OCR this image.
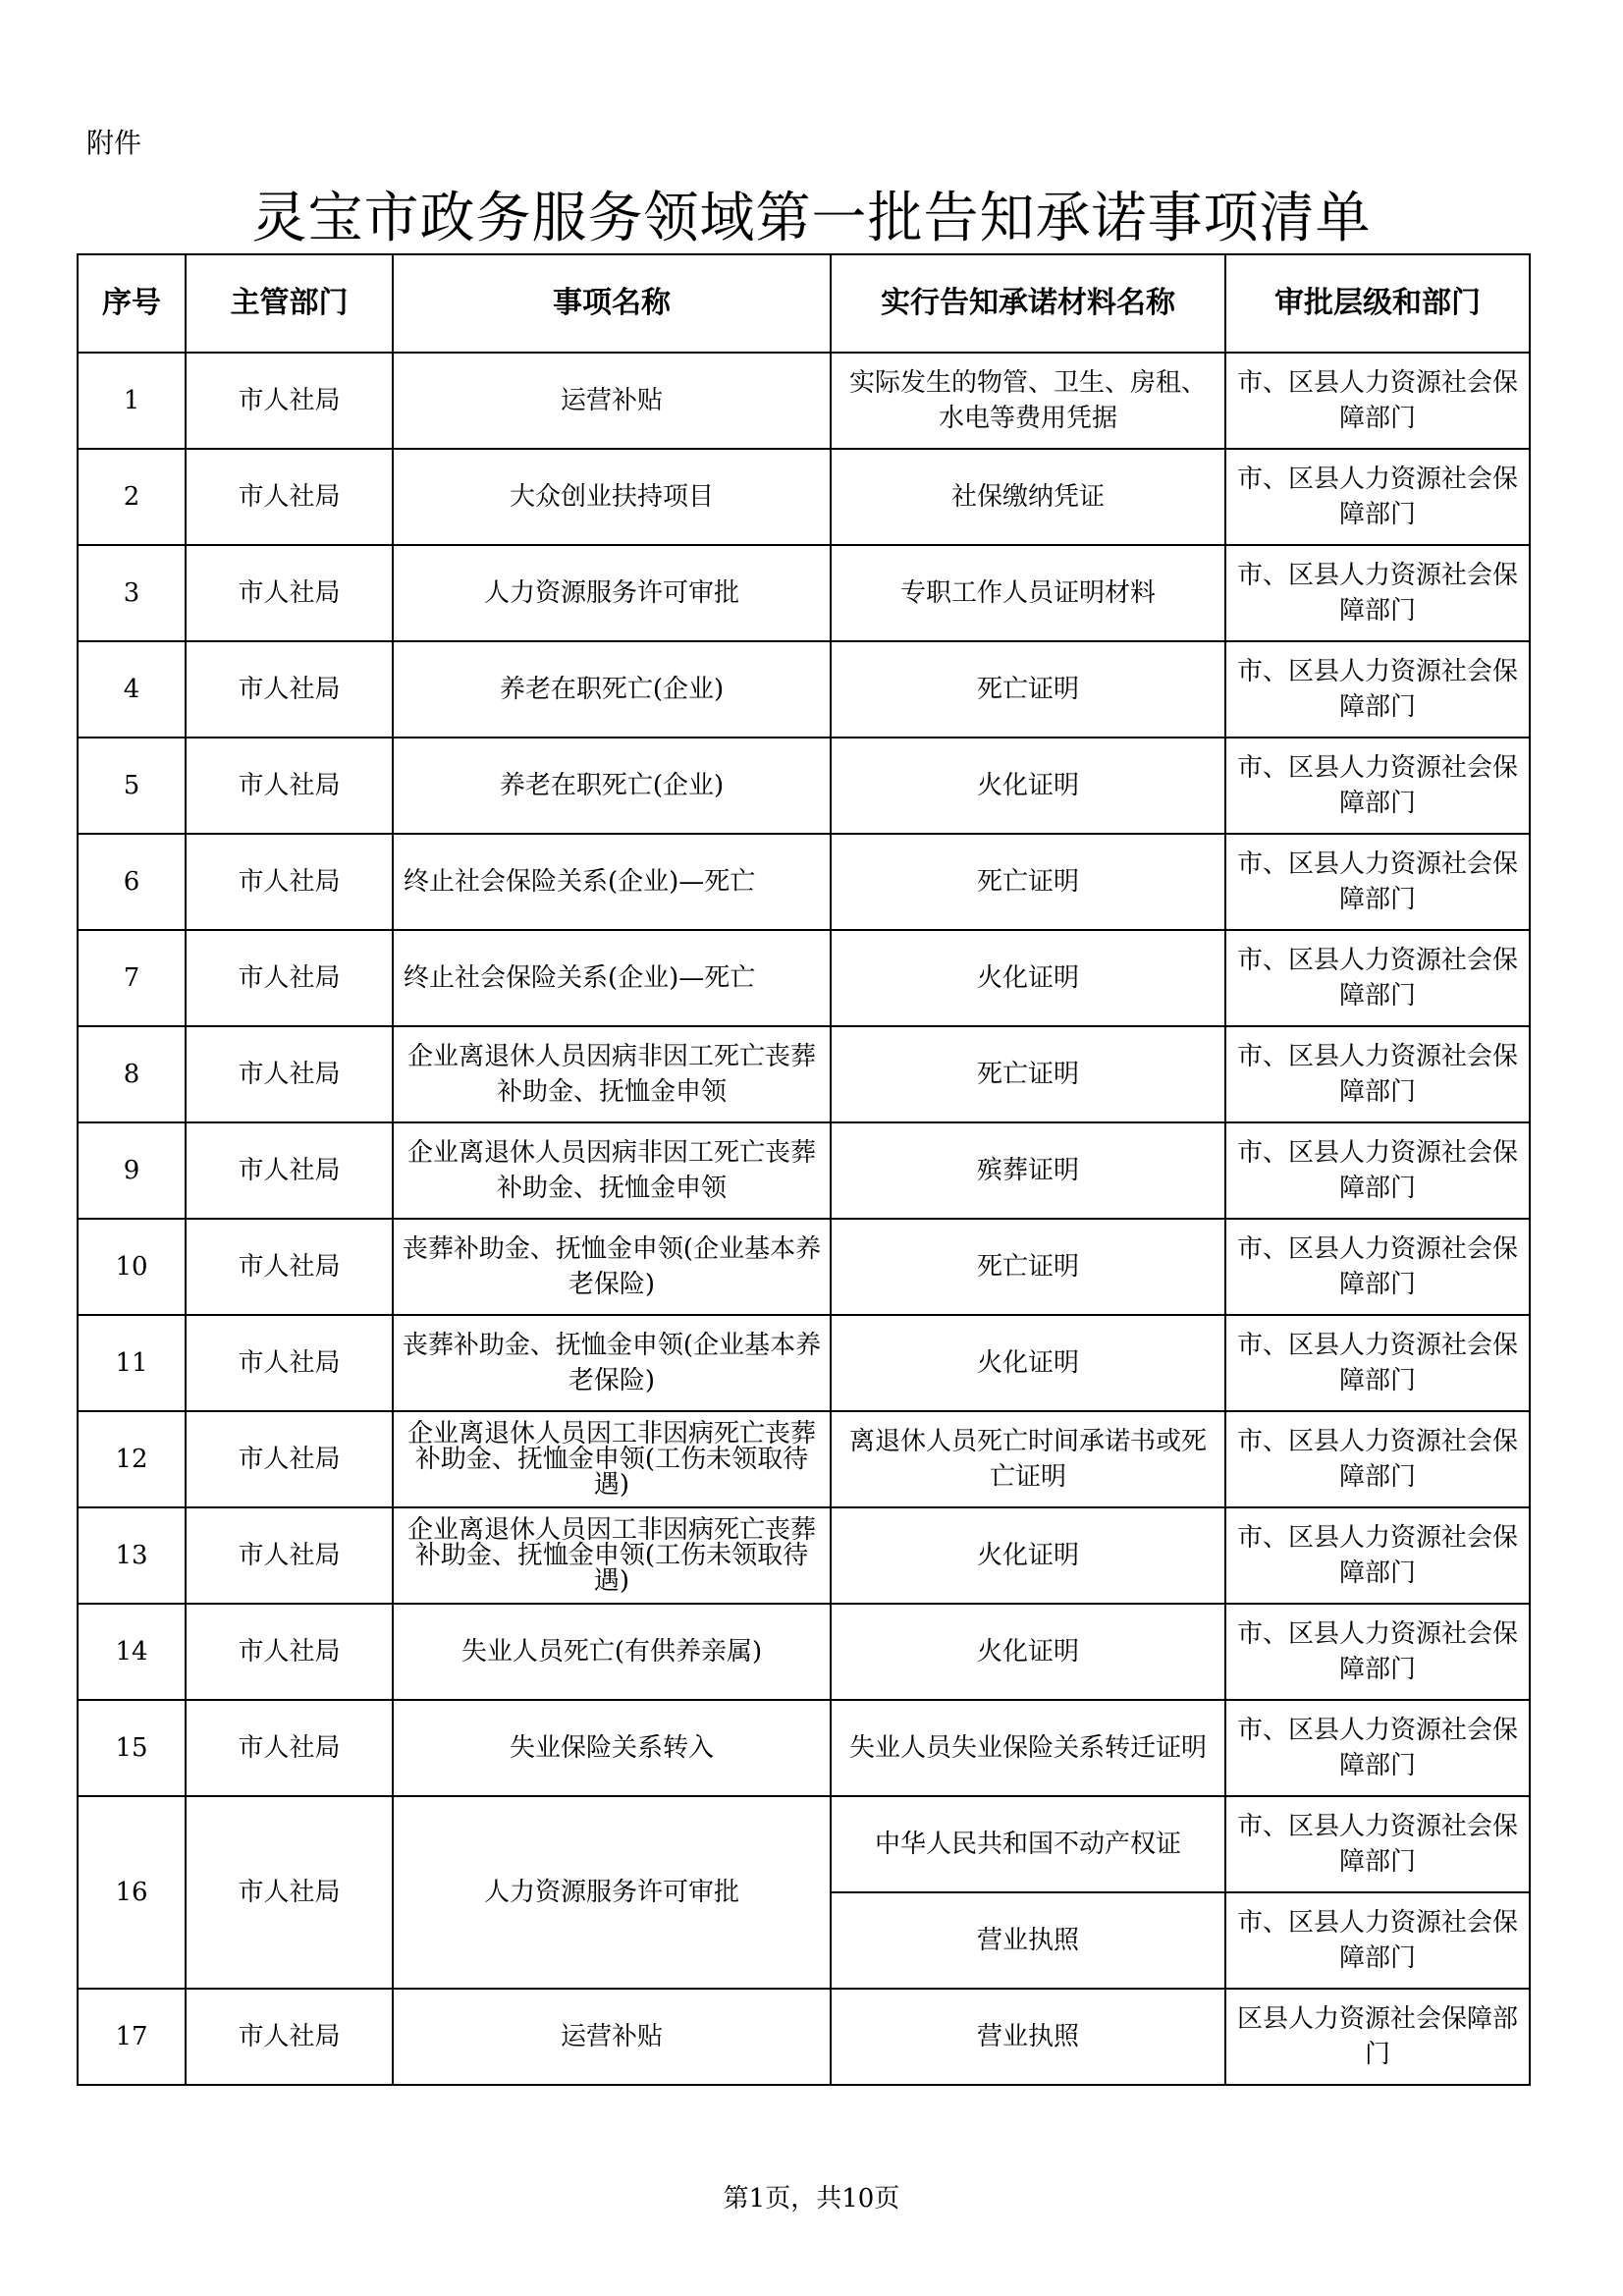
附件
灵宝市政务服务领域第一批告知承诺事项清单
序号	主管部门	事项名称	实行告知承诺材料名称	审批层级和部门
1	市人社局	运营补贴	实际发生的物管、卫生、房租、水电等费用凭据	市、区县人力资源社会保障部门
2	市人社局	大众创业扶持项目	社保缴纳凭证	市、区县人力资源社会保障部门
3	市人社局	人力资源服务许可审批	专职工作人员证明材料	市、区县人力资源社会保障部门
4	市人社局	养老在职死亡(企业)	死亡证明	市、区县人力资源社会保障部门
5	市人社局	养老在职死亡(企业)	火化证明	市、区县人力资源社会保障部门
6	市人社局	终止社会保险关系(企业)—死亡	死亡证明	市、区县人力资源社会保障部门
7	市人社局	终止社会保险关系(企业)—死亡	火化证明	市、区县人力资源社会保障部门
8	市人社局	企业离退休人员因病非因工死亡丧葬补助金、抚恤金申领	死亡证明	市、区县人力资源社会保障部门
9	市人社局	企业离退休人员因病非因工死亡丧葬补助金、抚恤金申领	殡葬证明	市、区县人力资源社会保障部门
10	市人社局	丧葬补助金、抚恤金申领(企业基本养老保险)	死亡证明	市、区县人力资源社会保障部门
11	市人社局	丧葬补助金、抚恤金申领(企业基本养老保险)	火化证明	市、区县人力资源社会保障部门
12	市人社局	企业离退休人员因工非因病死亡丧葬补助金、抚恤金申领(工伤未领取待遇)	离退休人员死亡时间承诺书或死亡证明	市、区县人力资源社会保障部门
13	市人社局	企业离退休人员因工非因病死亡丧葬补助金、抚恤金申领(工伤未领取待遇)	火化证明	市、区县人力资源社会保障部门
14	市人社局	失业人员死亡(有供养亲属)	火化证明	市、区县人力资源社会保障部门
15	市人社局	失业保险关系转入	失业人员失业保险关系转迁证明	市、区县人力资源社会保障部门
16	市人社局	人力资源服务许可审批	中华人民共和国不动产权证	市、区县人力资源社会保障部门
			营业执照	市、区县人力资源社会保障部门
17	市人社局	运营补贴	营业执照	区县人力资源社会保障部门
第1页，共10页
